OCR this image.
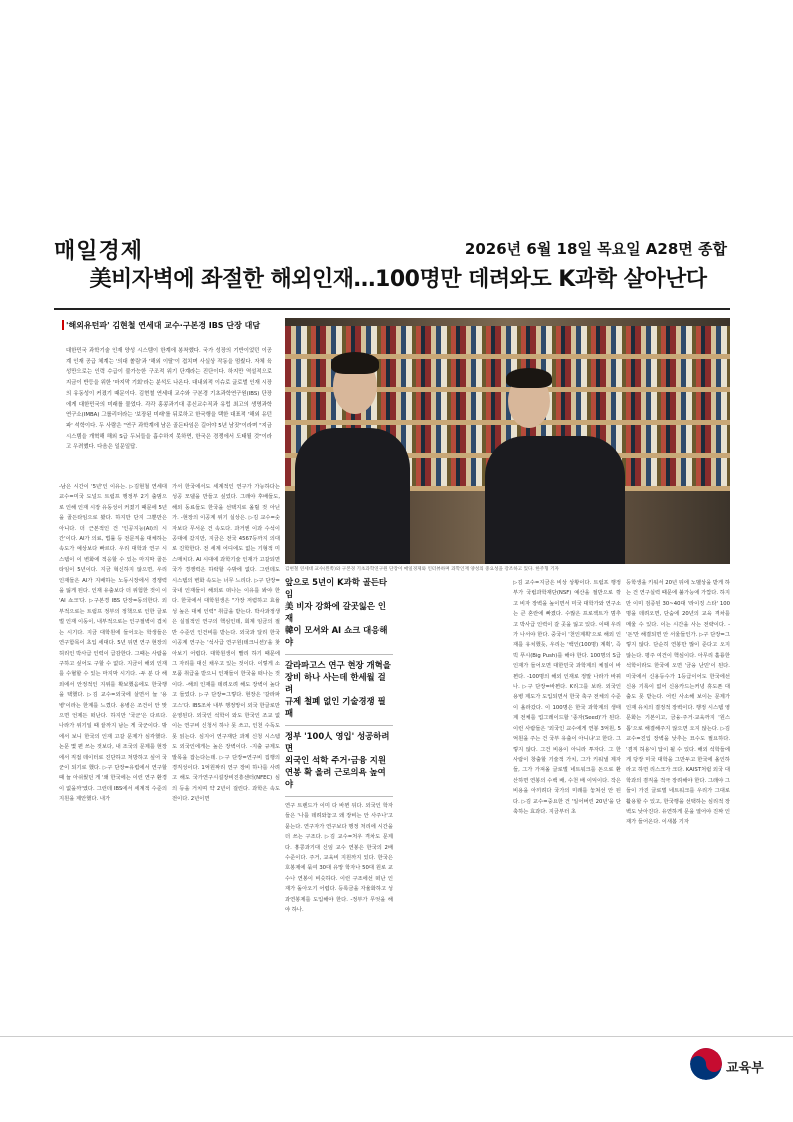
매일경제	2026년 6월 18일 목요일 A28면 종합
美비자벽에 좌절한 해외인재…100명만 데려와도 K과학 살아난다
'해외유턴파' 김현철 연세대 교수·구본경 IBS 단장 대담
대한민국 과학기술 인재 양성 시스템이 한계에 봉착했다. 국가 성장의 기반이었던 이공계 인재 공급 체계는 '의대 쏠림'과 '해외 이탈'이 겹치며 사실상 작동을 멈췄다. 자체 육성만으로는 인력 수급이 불가능한 구조적 위기 단계라는 진단이다. 하지만 역설적으로 지금이 반등을 위한 '마지막 기회'라는 분석도 나온다. 대내외적 이슈로 글로벌 인재 시장의 유동성이 커졌기 때문이다. 김현철 연세대 교수와 구본경 기초과학연구원(IBS) 단장에게 대한민국의 미래를 물었다. 각각 홍콩과기대 종신교수직과 유럽 최고의 생명과학 연구소(IMBA) 그룹리더라는 '보장된 미래'를 뒤로하고 한국행을 택한 대표적 '해외 유턴파' 석학이다. 두 사람은 "연구 과학계에 남은 골든타임은 길어야 5년 남짓"이라며 "지금 시스템을 개혁해 해외 S급 두뇌들을 흡수하지 못하면, 한국은 경쟁에서 도태될 것"이라고 우려했다. 다음은 일문일답.
-남은 시간이 '5년'인 이유는. ▷김현철 연세대 교수=미국 도널드 트럼프 행정부 2기 출범으로 인해 인재 시장 유동성이 커졌기 때문에 5년을 골든타임으로 봤다. 하지만 단지 그뿐만은 아니다. 더 근본적인 건 '인공지능(AI)의 시간'이다. AI가 의료, 법률 등 전문직을 대체하는 속도가 예상보다 빠르다. 우리 대학과 연구 시스템이 이 변화에 적응할 수 있는 마지막 골든타임이 5년이다. 지금 혁신하지 않으면, 우리 인재들은 AI가 지배하는 노동시장에서 경쟁력을 잃게 된다. 인재 유출보다 더 위험한 것이 이 'AI 쇼크'다. ▷구본경 IBS 단장=동의한다. 외부적으로는 트럼프 정부의 정책으로 인한 글로벌 인재 이동이, 내부적으로는 인구절벽이 겹치는 시기다. 지금 대학원에 들어오는 학생들은 연구함목이 초입 세대다. 5년 뒤면 연구 현장의 허리인 박사급 인력이 급감한다. 그때는 사람을 구하고 싶어도 구할 수 없다. 지금이 해외 인재를 수혈할 수 있는 마지막 시기다. -두 분 다 해외에서 안정적인 지위를 확보했음에도 한국행을 택했다. ▷김 교수=외국에 살면서 늘 '용병'이라는 한계를 느꼈다. 용병은 조건이 안 맞으면 언제든 떠난다. 하지만 '국군'은 다르다. 나라가 위기일 때 끝까지 남는 게 국군이다. 밖에서 보니 한국의 인재 고갈 문제가 심각했다. 논문 몇 편 쓰는 것보다, 내 조국의 문제를 현장에서 직접 데이터로 진단하고 처방하고 싶어 국군이 되기로 했다. ▷구 단장=유럽에서 연구할 때 늘 아쉬웠던 게 '왜 한국에는 이런 연구 환경이 없을까'였다. 그런데 IBS에서 세계적 수준의 지원을 제안했다. 내가
가서 한국에서도 세계적인 연구가 가능하다는 성공 모델을 만들고 싶었다. 그래야 후배들도, 해외 동료들도 한국을 선택지로 올릴 것 아닌가. -현장의 이공계 위기 실상은. ▷김 교수=숫자보다 무서운 건 속도다. 과거엔 이과 수석이 공대에 갔지만, 지금은 전국 4567등까지 의대로 진학한다. 전 세계 어디에도 없는 기형적 미스매치다. AI 시대에 과학기술 인재가 고갈되면 국가 경쟁력은 하락할 수밖에 없다. 그런데도 시스템의 변화 속도는 너무 느리다. ▷구 단장=국내 인재들이 해외로 떠나는 이유를 봐야 한다. 한국에서 대학원생은 "가장 저렴하고 효율성 높은 대체 인력" 취급을 받는다. 박사과정생은 실질적인 연구의 핵심인데, 회계 임금의 절반 수준인 인건비를 받는다. 외국과 달리 한국 이공계 연구는 '석사급 연구원(테크니션)'을 찾아보기 어렵다. 대학원생이 빨리 하기 때문에 그 자리를 대신 채우고 있는 것이다. 이렇게 소모품 취급을 받으니 인재들이 한국을 떠나는 것이다. -해외 인재를 데려오려 해도 장벽이 높다고 들었다. ▷구 단장=그렇다. 현장은 '갈라파고스'다. IBS조차 내부 행정망이 외국 한글로만 운영된다. 외국인 석학이 와도 한국인 조교 없이는 연구비 신청서 하나 못 쓰고, 인천 수독도 못 읽는다. 심지어 연구재단 과제 신청 시스템도 외국인에게는 높은 장벽이다. -지출 규제도 발목을 잡는다는데. ▷구 단장=연구비 집행의 경직성이다. 1억원짜리 연구 장비 하나를 사려고 해도 국가연구시설장비진흥센터(NFEC) 심의 등을 거치며 약 2년이 걸린다. 과학은 속도전이다. 2년이면
김현철 연세대 교수(왼쪽)와 구본경 기초과학연구원 단장이 매일경제와 인터뷰하며 과학인재 양성의 중요성을 강조하고 있다. 한주형 기자
앞으로 5년이 K과학 골든타임
美 비자 강화에 갈곳잃은 인재
韓이 모셔와 AI 쇼크 대응해야
갈라파고스 연구 현장 개혁을
장비 하나 사는데 한세월 걸려
규제 철폐 없인 기술경쟁 필패
정부 '100人 영입' 성공하려면
외국인 석학 주거·금융 지원
연봉 확 올려 근로의욕 높여야
연구 트렌드가 이미 다 바뀐 뒤다. 외국인 학자들은 '나를 데려와놓고 왜 장비는 안 사주나'고 묻는다. 연구자가 연구보다 행정 처리에 시간을 더 쓰는 구조다. ▷김 교수=처우 격차도 문제다. 홍콩과기대 신임 교수 연봉은 한국의 2배 수준이다. 주거, 교육비 지원까지 있다. 한국은 호봉제에 묶여 30대 유망 학자나 50대 원로 교수나 연봉이 비슷하다. 이런 구조에선 떠난 인재가 돌아오기 어렵다. 등록금을 자율화하고 성과연봉제를 도입해야 한다. -정부가 무엇을 해야 하나.
▷김 교수=지금은 비상 상황이다. 트럼프 행정부가 국립과학재단(NSF) 예산을 절반으로 깎고 비자 장벽을 높이면서 미국 대학가와 연구소는 큰 혼란에 빠졌다. 수많은 프로젝트가 멈추고 박사급 인력이 갈 곳을 잃고 있다. 이때 우리가 나서야 한다. 중국이 '천인계획'으로 해외 인재를 유치했듯, 우리는 '백인(100명) 계획', 즉 빅 푸시(Big Push)를 해야 한다. 100명의 S급 인재가 들어오면 대한민국 과학계의 체질이 바뀐다. -100명의 해외 인재로 정말 나라가 바뀌나. ▷구 단장=바뀐다. K리그를 보라. 외국인 용병 제도가 도입되면서 한국 축구 전체의 수준이 올라갔다. 이 100명은 한국 과학계의 생태계 전체를 업그레이드할 '종자(Seed)'가 된다. 이런 사람들은 '외국인 교수에게 연봉 3억원, 5억원을 주는 건 국부 유출이 아니냐'고 한다. 그렇지 않다. 그건 비용이 아니라 투자다. 그 한 사람이 창출할 기술적 가치, 그가 키워낼 제자들, 그가 가져올 글로벌 네트워크를 돈으로 환산하면 연봉의 수백 배, 수천 배 이익이다. 작은 비용을 아끼려다 국가의 미래를 놓쳐선 안 된다. ▷김 교수=중요한 건 '일어버린 20년'을 단축하는 효과다. 지금부터 초
등학생을 키워서 20년 뒤에 노벨상을 받게 하는 건 연구실력 때문에 불가능에 가깝다. 하지만 이미 검증된 30~40대 '라이징 스타' 100명을 데려오면, 단숨에 20년의 교육 격차를 메울 수 있다. 이는 시간을 사는 전략이다. -'돈'만 해결되면 안 서울들인가. ▷구 단장=그렇지 않다. 단순히 연봉만 많이 준다고 오지 않는다. 평주 여건이 핵심이다. 아무리 훌륭한 석학이라도 한국에 오면 '금융 난민'이 된다. 미국에서 신용등수가 1등급이어도 한국에선 신용 기록이 없어 신용카드는커녕 휴도폰 대출도 못 받는다. 어린 사소해 보이는 문제가 인재 유치의 결정적 장벽이다. 행정 시스템 영문화는 기본이고, 금융·주거·교육까지 '원스톱'으로 해결해주지 않으면 오지 않는다. ▷김 교수=진입 장벽을 낮추는 묘수도 필요하다. '겸직 허용'이 답이 될 수 있다. 해외 석학들에게 당장 미국 대학을 그만두고 한국에 올인하라고 하면 리스크가 크다. KAIST처럼 외국 대학과의 겸직을 적극 장려해야 한다. 그래야 그들이 가진 글로벌 네트워크를 우리가 그대로 활용할 수 있고, 한국행을 선택하는 심리적 장벽도 낮아진다. 유연하게 문을 열어야 진짜 인재가 들어온다. 이새봄 기자
교육부
